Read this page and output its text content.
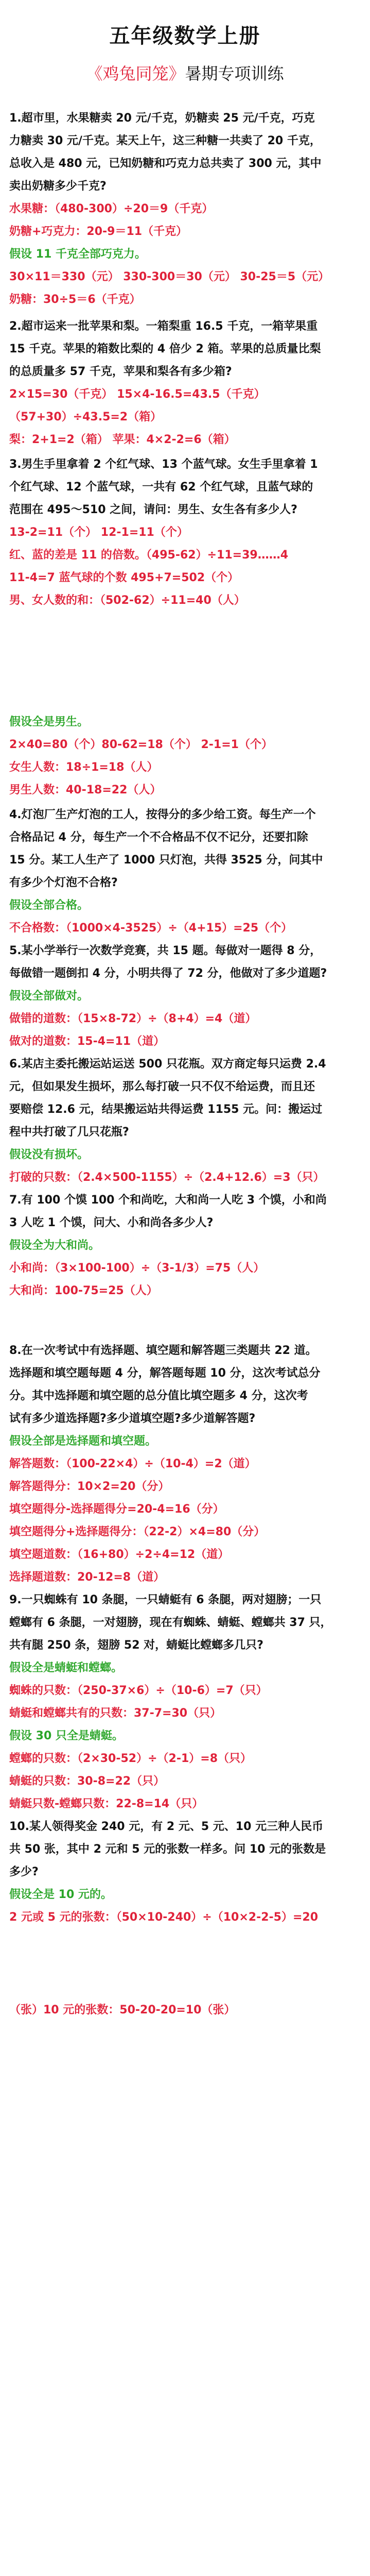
五年级数学上册
《鸡兔同笼》暑期专项训练
1.超市里，水果糖卖 20 元/千克，奶糖卖 25 元/千克，巧克
力糖卖 30 元/千克。某天上午，这三种糖一共卖了 20 千克，
总收入是 480 元，已知奶糖和巧克力总共卖了 300 元，其中
卖出奶糖多少千克?
水果糖：（480-300）÷20＝9（千克）
奶糖+巧克力：20-9＝11（千克）
假设 11 千克全部巧克力。
30×11＝330（元） 330-300＝30（元） 30-25＝5（元）
奶糖：30÷5＝6（千克）
2.超市运来一批苹果和梨。一箱梨重 16.5 千克，一箱苹果重
15 千克。苹果的箱数比梨的 4 倍少 2 箱。苹果的总质量比梨
的总质量多 57 千克，苹果和梨各有多少箱?
2×15=30（千克） 15×4-16.5=43.5（千克）
（57+30）÷43.5=2（箱）
梨：2+1=2（箱） 苹果：4×2-2=6（箱）
3.男生手里拿着 2 个红气球、13 个蓝气球。女生手里拿着 1
个红气球、12 个蓝气球，一共有 62 个红气球，且蓝气球的
范围在 495～510 之间，请问：男生、女生各有多少人?
13-2=11（个） 12-1=11（个）
红、蓝的差是 11 的倍数。（495-62）÷11=39……4
11-4=7 蓝气球的个数 495+7=502（个）
男、女人数的和：（502-62）÷11=40（人）
假设全是男生。
2×40=80（个）80-62=18（个） 2-1=1（个）
女生人数：18÷1=18（人）
男生人数：40-18=22（人）
4.灯泡厂生产灯泡的工人，按得分的多少给工资。每生产一个
合格品记 4 分，每生产一个不合格品不仅不记分，还要扣除
15 分。某工人生产了 1000 只灯泡，共得 3525 分，问其中
有多少个灯泡不合格?
假设全部合格。
不合格数：（1000×4-3525）÷（4+15）=25（个）
5.某小学举行一次数学竞赛，共 15 题。每做对一题得 8 分，
每做错一题倒扣 4 分，小明共得了 72 分，他做对了多少道题?
假设全部做对。
做错的道数：（15×8-72）÷（8+4）=4（道）
做对的道数：15-4=11（道）
6.某店主委托搬运站运送 500 只花瓶。双方商定每只运费 2.4
元，但如果发生损坏，那么每打破一只不仅不给运费，而且还
要赔偿 12.6 元，结果搬运站共得运费 1155 元。问：搬运过
程中共打破了几只花瓶?
假设没有损坏。
打破的只数：（2.4×500-1155）÷（2.4+12.6）=3（只）
7.有 100 个馍 100 个和尚吃，大和尚一人吃 3 个馍，小和尚
3 人吃 1 个馍，问大、小和尚各多少人?
假设全为大和尚。
小和尚：（3×100-100）÷（3-1/3）=75（人）
大和尚：100-75=25（人）
8.在一次考试中有选择题、填空题和解答题三类题共 22 道。
选择题和填空题每题 4 分，解答题每题 10 分，这次考试总分
分。其中选择题和填空题的总分值比填空题多 4 分，这次考
试有多少道选择题?多少道填空题?多少道解答题?
假设全部是选择题和填空题。
解答题数：（100-22×4）÷（10-4）=2（道）
解答题得分：10×2=20（分）
填空题得分-选择题得分=20-4=16（分）
填空题得分+选择题得分：（22-2）×4=80（分）
填空题道数：（16+80）÷2÷4=12（道）
选择题道数：20-12=8（道）
9.一只蜘蛛有 10 条腿，一只蜻蜓有 6 条腿，两对翅膀；一只
螳螂有 6 条腿，一对翅膀，现在有蜘蛛、蜻蜓、螳螂共 37 只，
共有腿 250 条，翅膀 52 对，蜻蜓比螳螂多几只?
假设全是蜻蜓和螳螂。
蜘蛛的只数：（250-37×6）÷（10-6）=7（只）
蜻蜓和螳螂共有的只数：37-7=30（只）
假设 30 只全是蜻蜓。
螳螂的只数：（2×30-52）÷（2-1）=8（只）
蜻蜓的只数：30-8=22（只）
蜻蜓只数-螳螂只数：22-8=14（只）
10.某人领得奖金 240 元，有 2 元、5 元、10 元三种人民币
共 50 张，其中 2 元和 5 元的张数一样多。问 10 元的张数是
多少?
假设全是 10 元的。
2 元或 5 元的张数：（50×10-240）÷（10×2-2-5）=20
（张）10 元的张数：50-20-20=10（张）
